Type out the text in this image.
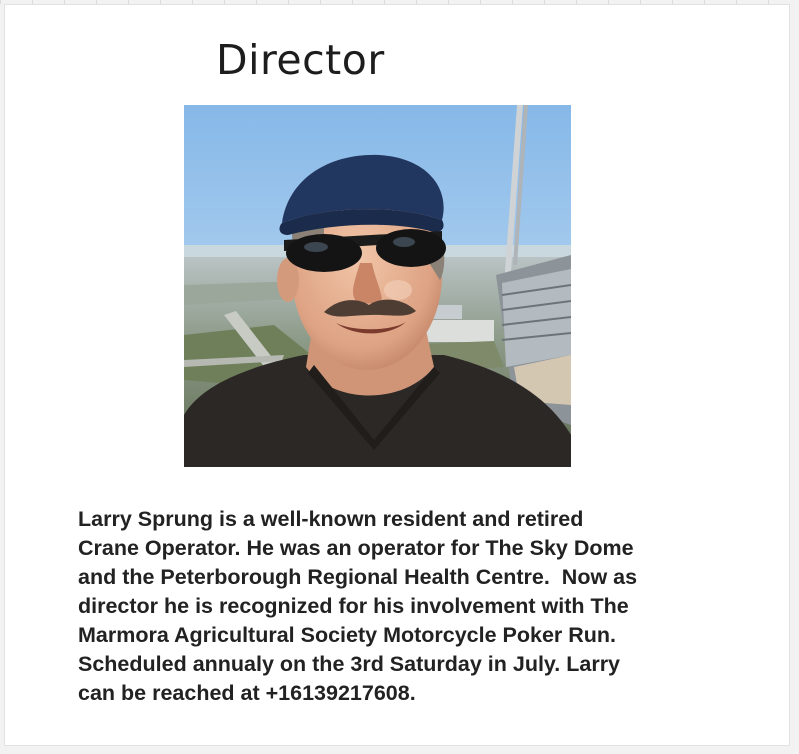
Director

Larry Sprung is a well-known resident and retired
Crane Operator. He was an operator for The Sky Dome
and the Peterborough Regional Health Centre.  Now as
director he is recognized for his involvement with The
Marmora Agricultural Society Motorcycle Poker Run.
Scheduled annualy on the 3rd Saturday in July. Larry
can be reached at +16139217608.
